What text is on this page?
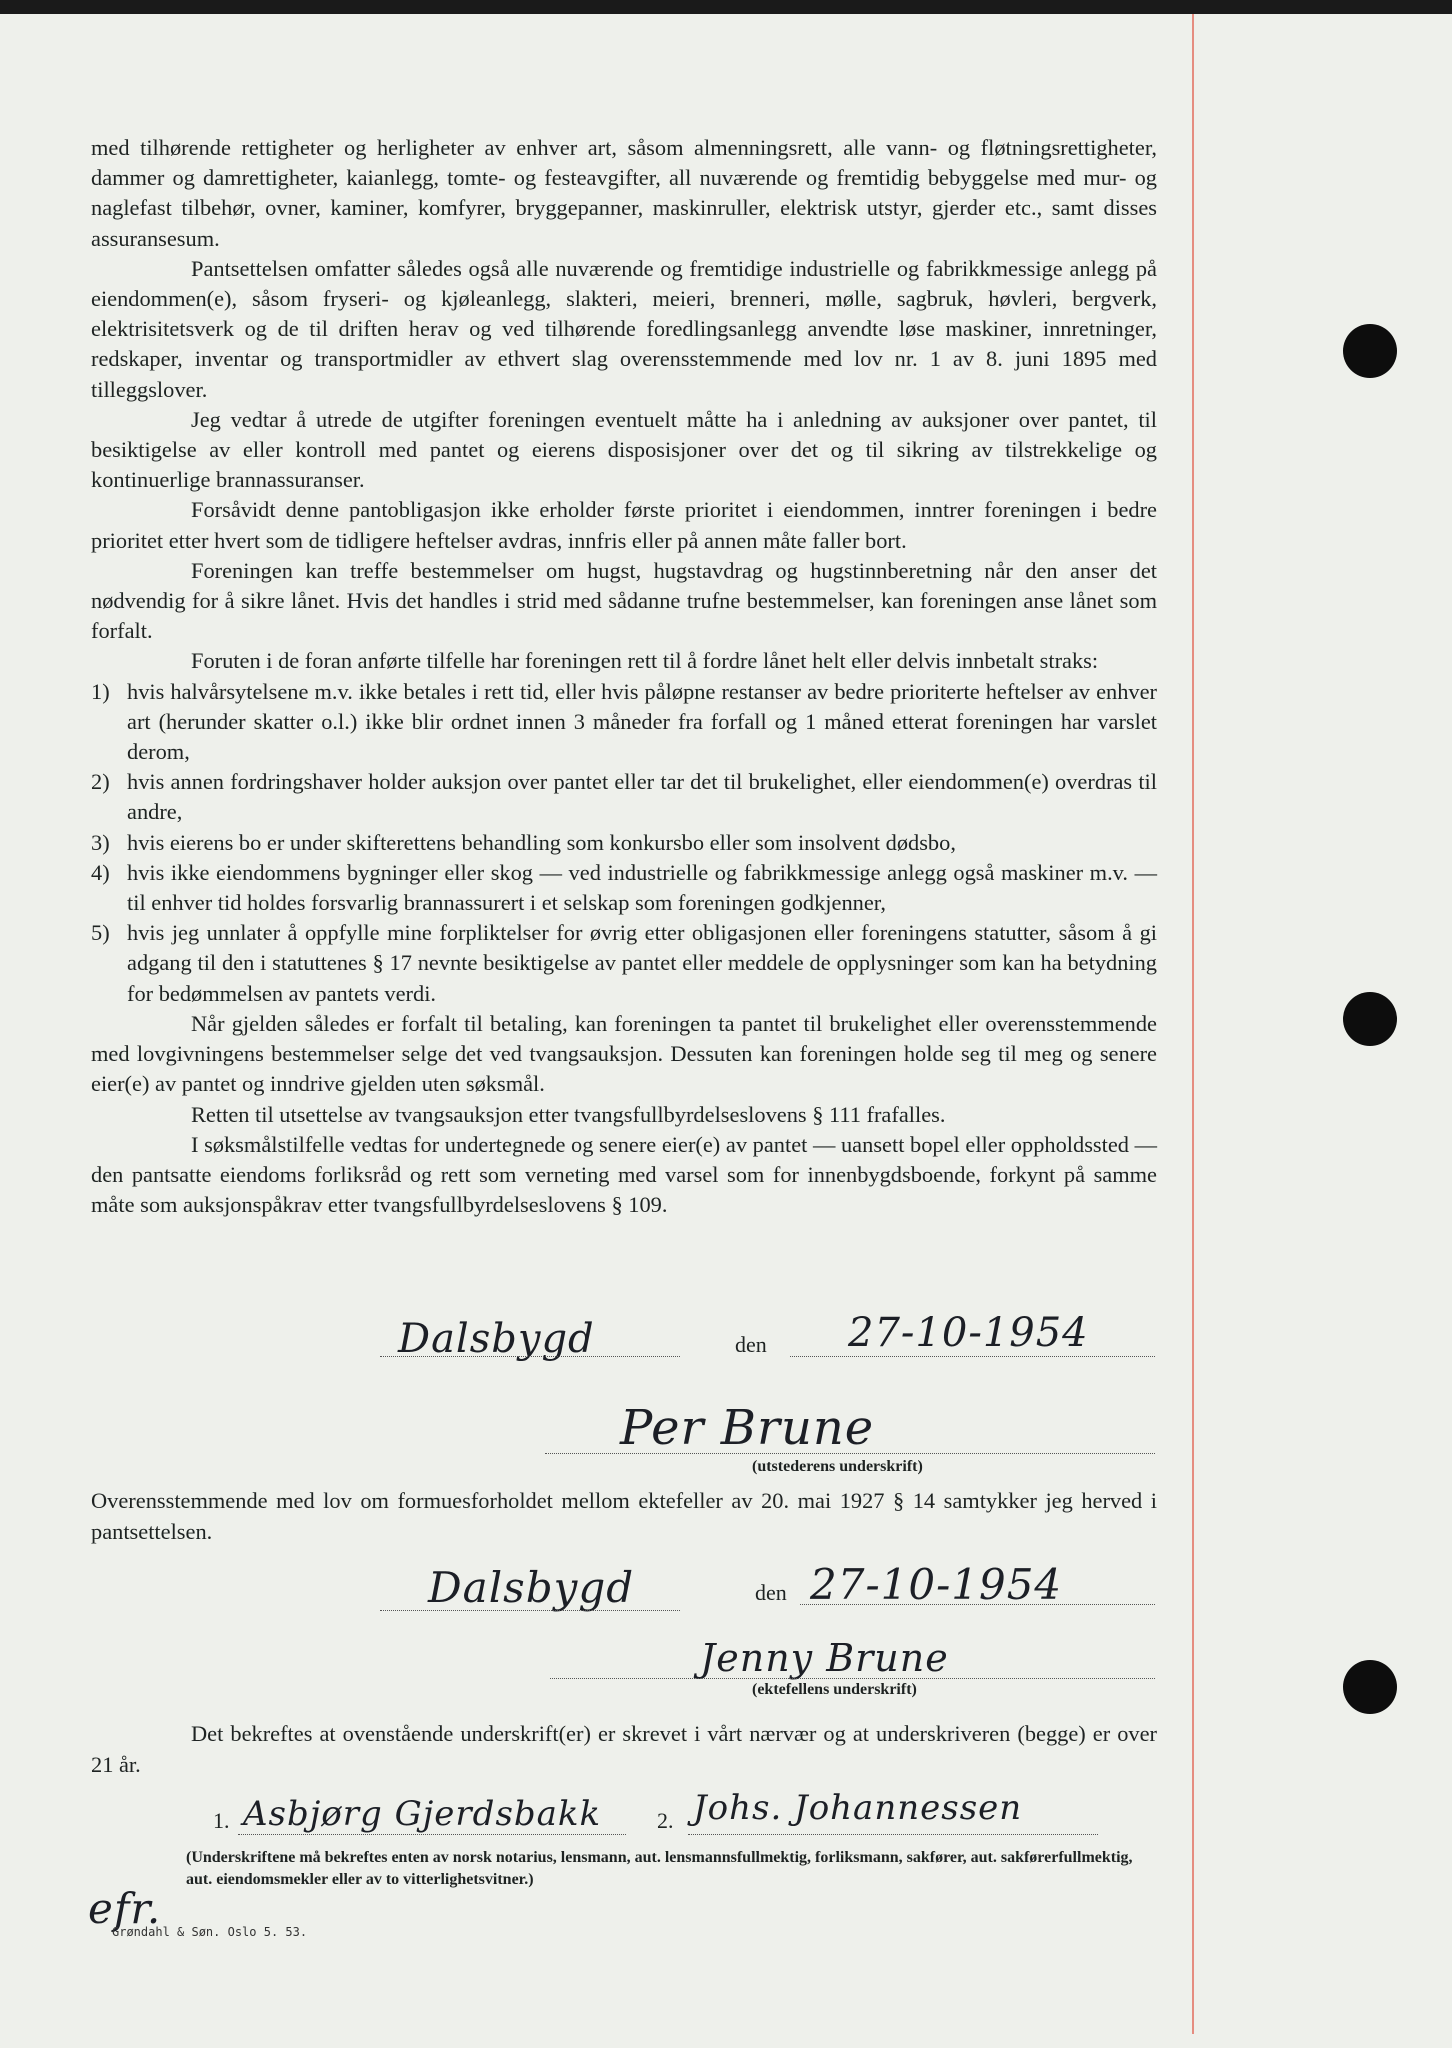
med tilhørende rettigheter og herligheter av enhver art, såsom almenningsrett, alle vann- og fløtningsrettigheter, dammer og damrettigheter, kaianlegg, tomte- og festeavgifter, all nuværende og fremtidig bebyggelse med mur- og naglefast tilbehør, ovner, kaminer, komfyrer, bryggepanner, maskinruller, elektrisk utstyr, gjerder etc., samt disses assuransesum.

Pantsettelsen omfatter således også alle nuværende og fremtidige industrielle og fabrikkmessige anlegg på eiendommen(e), såsom fryseri- og kjøleanlegg, slakteri, meieri, brenneri, mølle, sagbruk, høvleri, bergverk, elektrisitetsverk og de til driften herav og ved tilhørende foredlingsanlegg anvendte løse maskiner, innretninger, redskaper, inventar og transportmidler av ethvert slag overensstemmende med lov nr. 1 av 8. juni 1895 med tilleggslover.

Jeg vedtar å utrede de utgifter foreningen eventuelt måtte ha i anledning av auksjoner over pantet, til besiktigelse av eller kontroll med pantet og eierens disposisjoner over det og til sikring av tilstrekkelige og kontinuerlige brannassuranser.

Forsåvidt denne pantobligasjon ikke erholder første prioritet i eiendommen, inntrer foreningen i bedre prioritet etter hvert som de tidligere heftelser avdras, innfris eller på annen måte faller bort.

Foreningen kan treffe bestemmelser om hugst, hugstavdrag og hugstinnberetning når den anser det nødvendig for å sikre lånet. Hvis det handles i strid med sådanne trufne bestemmelser, kan foreningen anse lånet som forfalt.

Foruten i de foran anførte tilfelle har foreningen rett til å fordre lånet helt eller delvis innbetalt straks:

1) hvis halvårsytelsene m.v. ikke betales i rett tid, eller hvis påløpne restanser av bedre prioriterte heftelser av enhver art (herunder skatter o.l.) ikke blir ordnet innen 3 måneder fra forfall og 1 måned etterat foreningen har varslet derom,
2) hvis annen fordringshaver holder auksjon over pantet eller tar det til brukelighet, eller eiendommen(e) overdras til andre,
3) hvis eierens bo er under skifterettens behandling som konkursbo eller som insolvent dødsbo,
4) hvis ikke eiendommens bygninger eller skog — ved industrielle og fabrikkmessige anlegg også maskiner m.v. — til enhver tid holdes forsvarlig brannassurert i et selskap som foreningen godkjenner,
5) hvis jeg unnlater å oppfylle mine forpliktelser for øvrig etter obligasjonen eller foreningens statutter, såsom å gi adgang til den i statuttenes § 17 nevnte besiktigelse av pantet eller meddele de opplysninger som kan ha betydning for bedømmelsen av pantets verdi.

Når gjelden således er forfalt til betaling, kan foreningen ta pantet til brukelighet eller overensstemmende med lovgivningens bestemmelser selge det ved tvangsauksjon. Dessuten kan foreningen holde seg til meg og senere eier(e) av pantet og inndrive gjelden uten søksmål.

Retten til utsettelse av tvangsauksjon etter tvangsfullbyrdelseslovens § 111 frafalles.

I søksmålstilfelle vedtas for undertegnede og senere eier(e) av pantet — uansett bopel eller oppholdssted — den pantsatte eiendoms forliksråd og rett som verneting med varsel som for innenbygdsboende, forkynt på samme måte som auksjonspåkrav etter tvangsfullbyrdelseslovens § 109.

Dalsbygd	den 27-10-1954
Per Brune
(utstederens underskrift)
Overensstemmende med lov om formuesforholdet mellom ektefeller av 20. mai 1927 § 14 samtykker jeg herved i pantsettelsen.
Dalsbygd	den 27-10-1954
Jenny Brune
(ektefellens underskrift)
Det bekreftes at ovenstående underskrift(er) er skrevet i vårt nærvær og at underskriveren (begge) er over 21 år.
1. Asbjørg Gjerdsbakk	2. Johs. Johannessen
(Underskriftene må bekreftes enten av norsk notarius, lensmann, aut. lensmannsfullmektig, forliksmann, sakfører, aut. sakførerfullmektig, aut. eiendomsmekler eller av to vitterlighetsvitner.)
efr.
Grøndahl & Søn. Oslo 5. 53.
